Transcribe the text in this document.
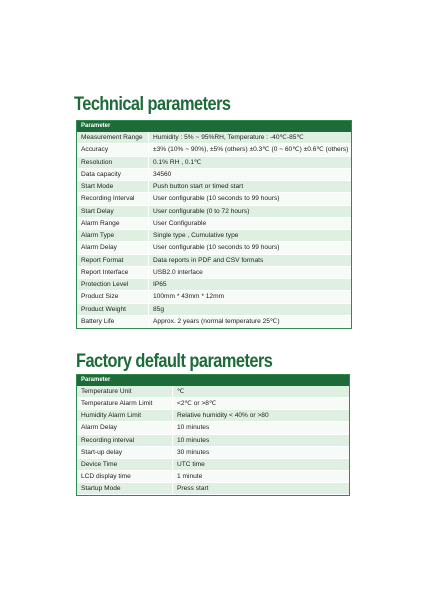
Technical parameters
Parameter
Measurement Range	Humidity : 5% ~ 95%RH, Temperature : -40℃-85℃
Accuracy	±3% (10% ~ 90%), ±5% (others) ±0.3℃ (0 ~ 60℃) ±0.6℃ (others)
Resolution	0.1% RH , 0.1℃
Data capacity	34560
Start Mode	Push button start or timed start
Recording Interval	User configurable (10 seconds to 99 hours)
Start Delay	User configurable (0 to 72 hours)
Alarm Range	User Configurable
Alarm Type	Single type , Cumulative type
Alarm Delay	User configurable (10 seconds to 99 hours)
Report Format	Data reports in PDF and CSV formats
Report Interface	USB2.0 interface
Protection Level	IP65
Product Size	100mm * 43mm * 12mm
Product Weight	85g
Battery Life	Approx. 2 years (normal temperature 25℃)
Factory default parameters
Parameter
Temperature Unit	℃
Temperature Alarm Limit	<2℃ or >8℃
Humidity Alarm Limit	Relative humidity < 40% or >80
Alarm Delay	10 minutes
Recording interval	10 minutes
Start-up delay	30 minutes
Device Time	UTC time
LCD display time	1 minute
Startup Mode	Press start
